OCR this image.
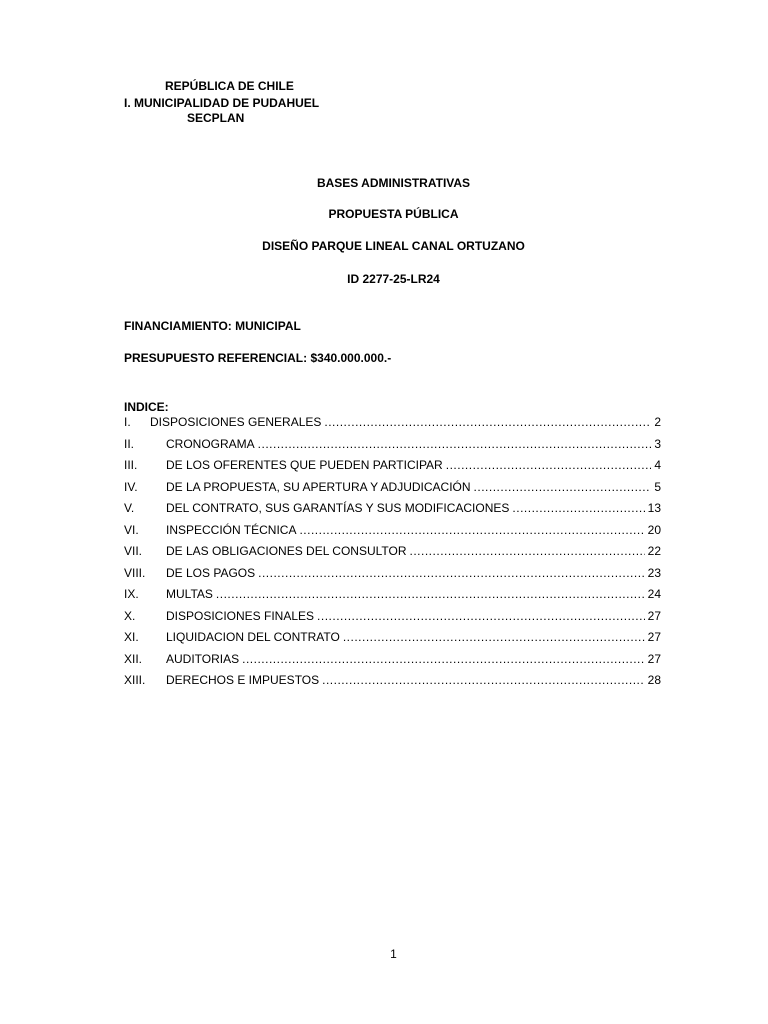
REPÚBLICA DE CHILE
I. MUNICIPALIDAD DE PUDAHUEL
SECPLAN
BASES ADMINISTRATIVAS
PROPUESTA PÚBLICA
DISEÑO PARQUE LINEAL CANAL ORTUZANO
ID 2277-25-LR24
FINANCIAMIENTO: MUNICIPAL
PRESUPUESTO REFERENCIAL: $340.000.000.-
INDICE:
I.	DISPOSICIONES GENERALES .....	2
II.	CRONOGRAMA .....	3
III.	DE LOS OFERENTES QUE PUEDEN PARTICIPAR .....	4
IV.	DE LA PROPUESTA, SU APERTURA Y ADJUDICACIÓN .....	5
V.	DEL CONTRATO, SUS GARANTÍAS Y SUS MODIFICACIONES .....	13
VI.	INSPECCIÓN TÉCNICA .....	20
VII.	DE LAS OBLIGACIONES DEL CONSULTOR .....	22
VIII.	DE LOS PAGOS .....	23
IX.	MULTAS .....	24
X.	DISPOSICIONES FINALES .....	27
XI.	LIQUIDACION DEL CONTRATO .....	27
XII.	AUDITORIAS .....	27
XIII.	DERECHOS E IMPUESTOS .....	28
1
